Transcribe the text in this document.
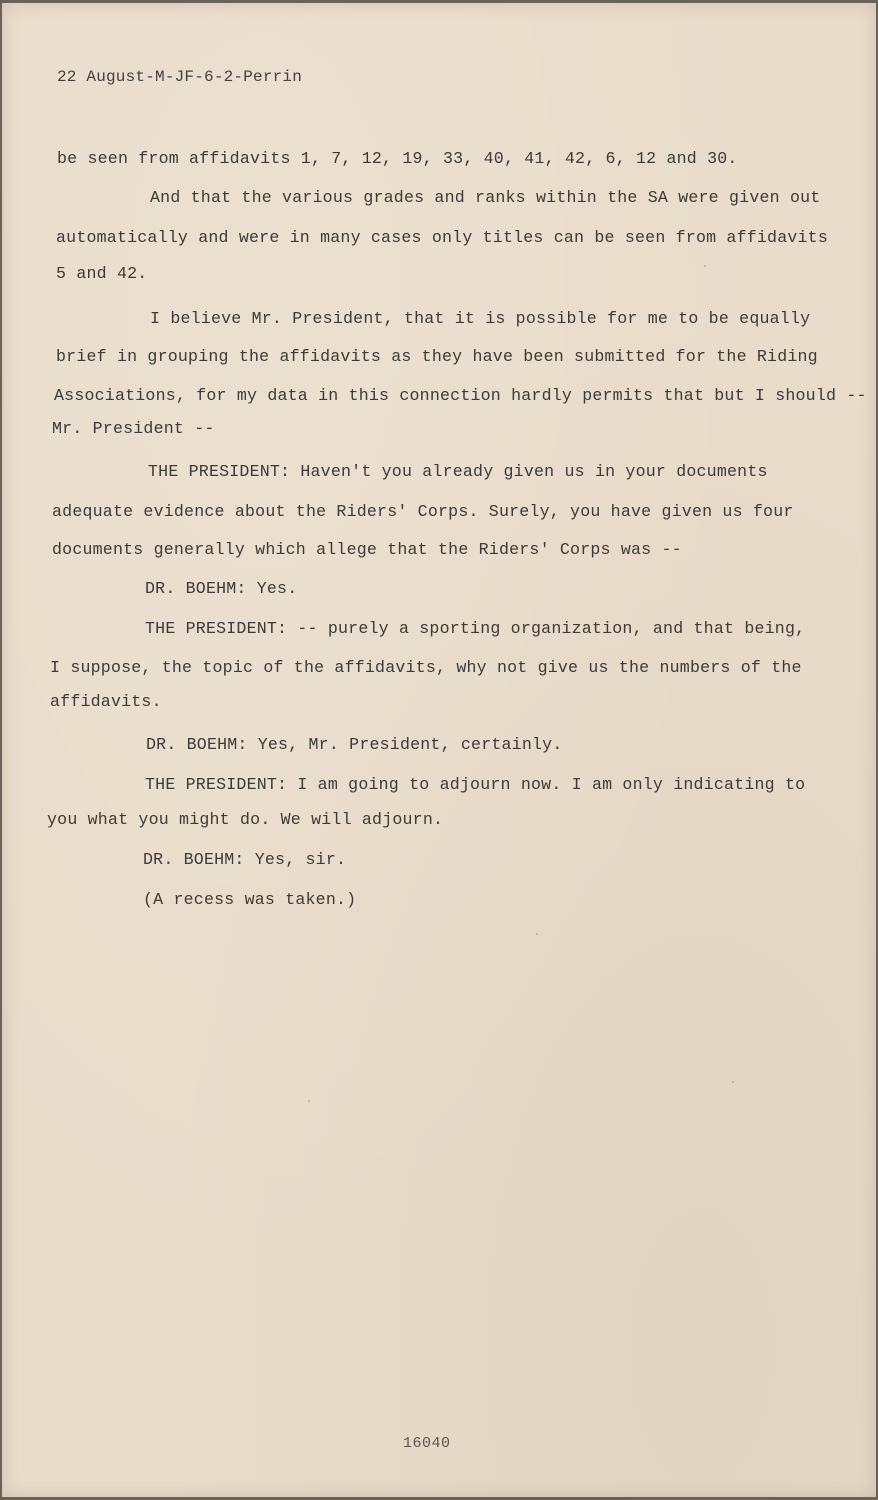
22 August-M-JF-6-2-Perrin
be seen from affidavits 1, 7, 12, 19, 33, 40, 41, 42, 6, 12 and 30.
And that the various grades and ranks within the SA were given out
automatically and were in many cases only titles can be seen from affidavits
5 and 42.
I believe Mr. President, that it is possible for me to be equally
brief in grouping the affidavits as they have been submitted for the Riding
Associations, for my data in this connection hardly permits that but I should --
Mr. President --
THE PRESIDENT: Haven't you already given us in your documents
adequate evidence about the Riders' Corps. Surely, you have given us four
documents generally which allege that the Riders' Corps was --
DR. BOEHM: Yes.
THE PRESIDENT: -- purely a sporting organization, and that being,
I suppose, the topic of the affidavits, why not give us the numbers of the
affidavits.
DR. BOEHM: Yes, Mr. President, certainly.
THE PRESIDENT: I am going to adjourn now. I am only indicating to
you what you might do. We will adjourn.
DR. BOEHM: Yes, sir.
(A recess was taken.)
16040
